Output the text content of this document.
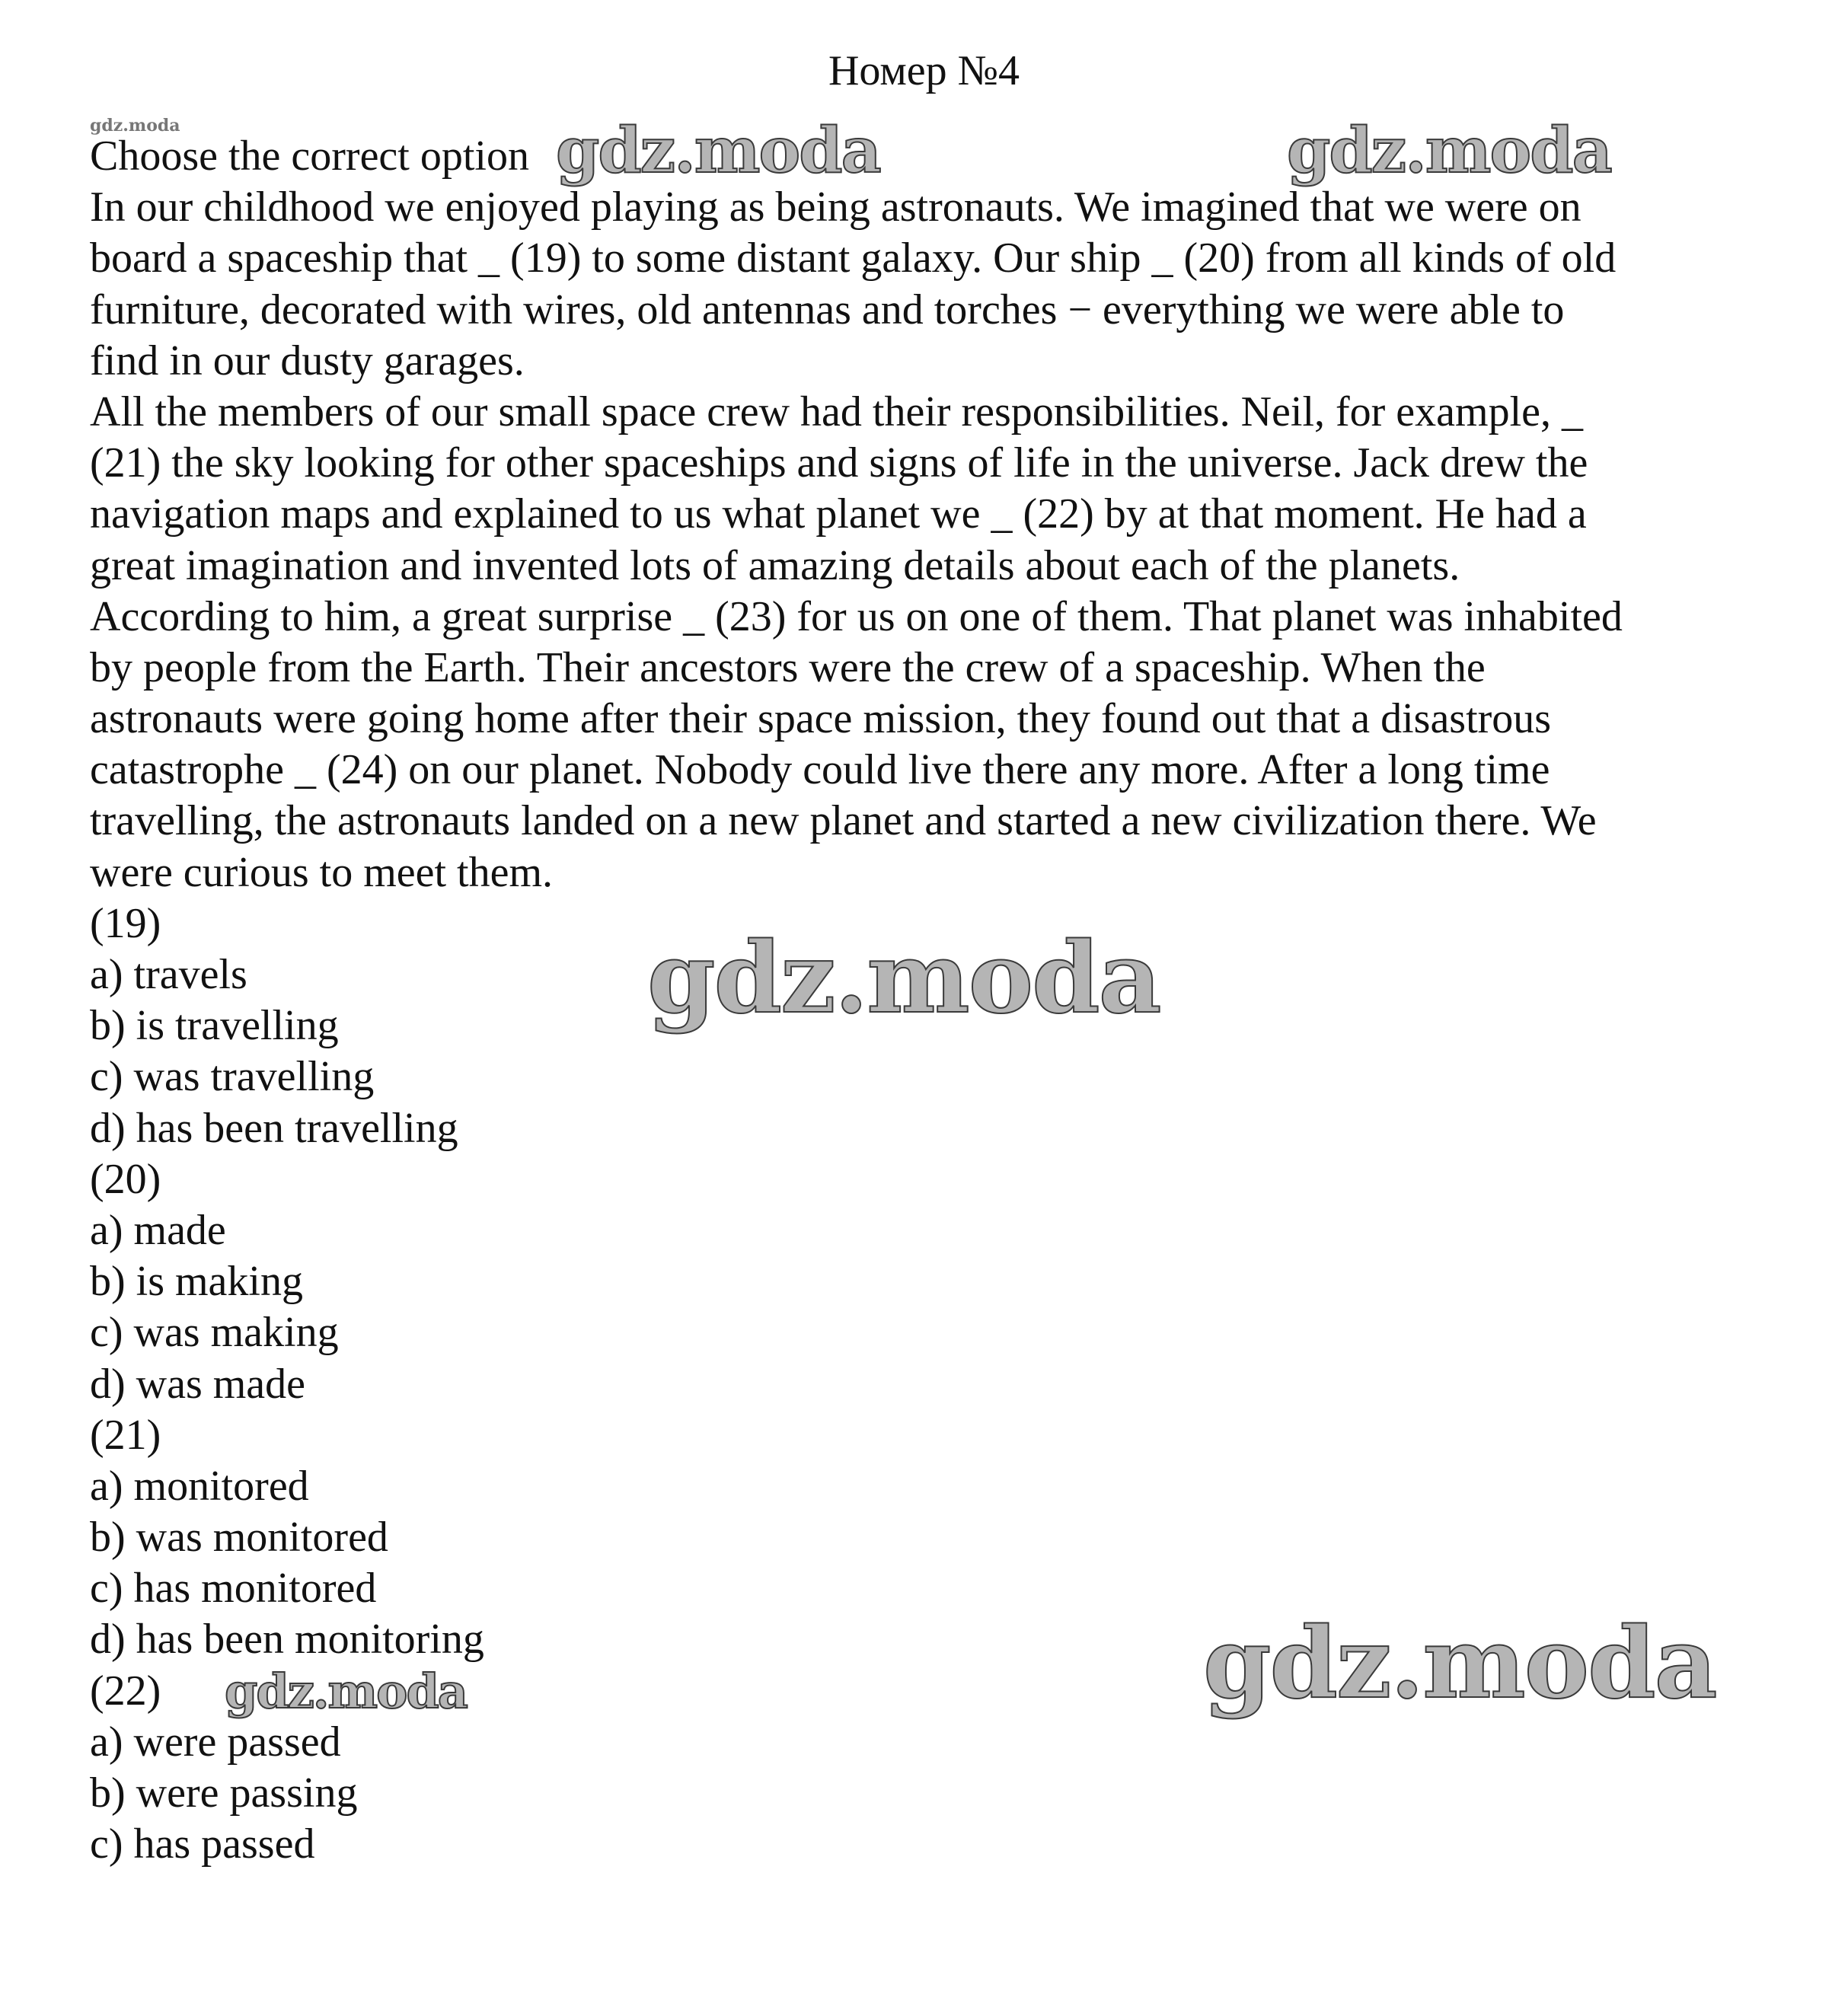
Номер №4
Choose the correct option
In our childhood we enjoyed playing as being astronauts. We imagined that we were on
board a spaceship that _ (19) to some distant galaxy. Our ship _ (20) from all kinds of old
furniture, decorated with wires, old antennas and torches − everything we were able to
find in our dusty garages.
All the members of our small space crew had their responsibilities. Neil, for example, _
(21) the sky looking for other spaceships and signs of life in the universe. Jack drew the
navigation maps and explained to us what planet we _ (22) by at that moment. He had a
great imagination and invented lots of amazing details about each of the planets.
According to him, a great surprise _ (23) for us on one of them. That planet was inhabited
by people from the Earth. Their ancestors were the crew of a spaceship. When the
astronauts were going home after their space mission, they found out that a disastrous
catastrophe _ (24) on our planet. Nobody could live there any more. After a long time
travelling, the astronauts landed on a new planet and started a new civilization there. We
were curious to meet them.
(19)
a) travels
b) is travelling
c) was travelling
d) has been travelling
(20)
a) made
b) is making
c) was making
d) was made
(21)
a) monitored
b) was monitored
c) has monitored
d) has been monitoring
(22)
a) were passed
b) were passing
c) has passed
gdz.moda	gdz.moda	gdz.moda
gdz.moda
gdz.moda
gdz.moda
